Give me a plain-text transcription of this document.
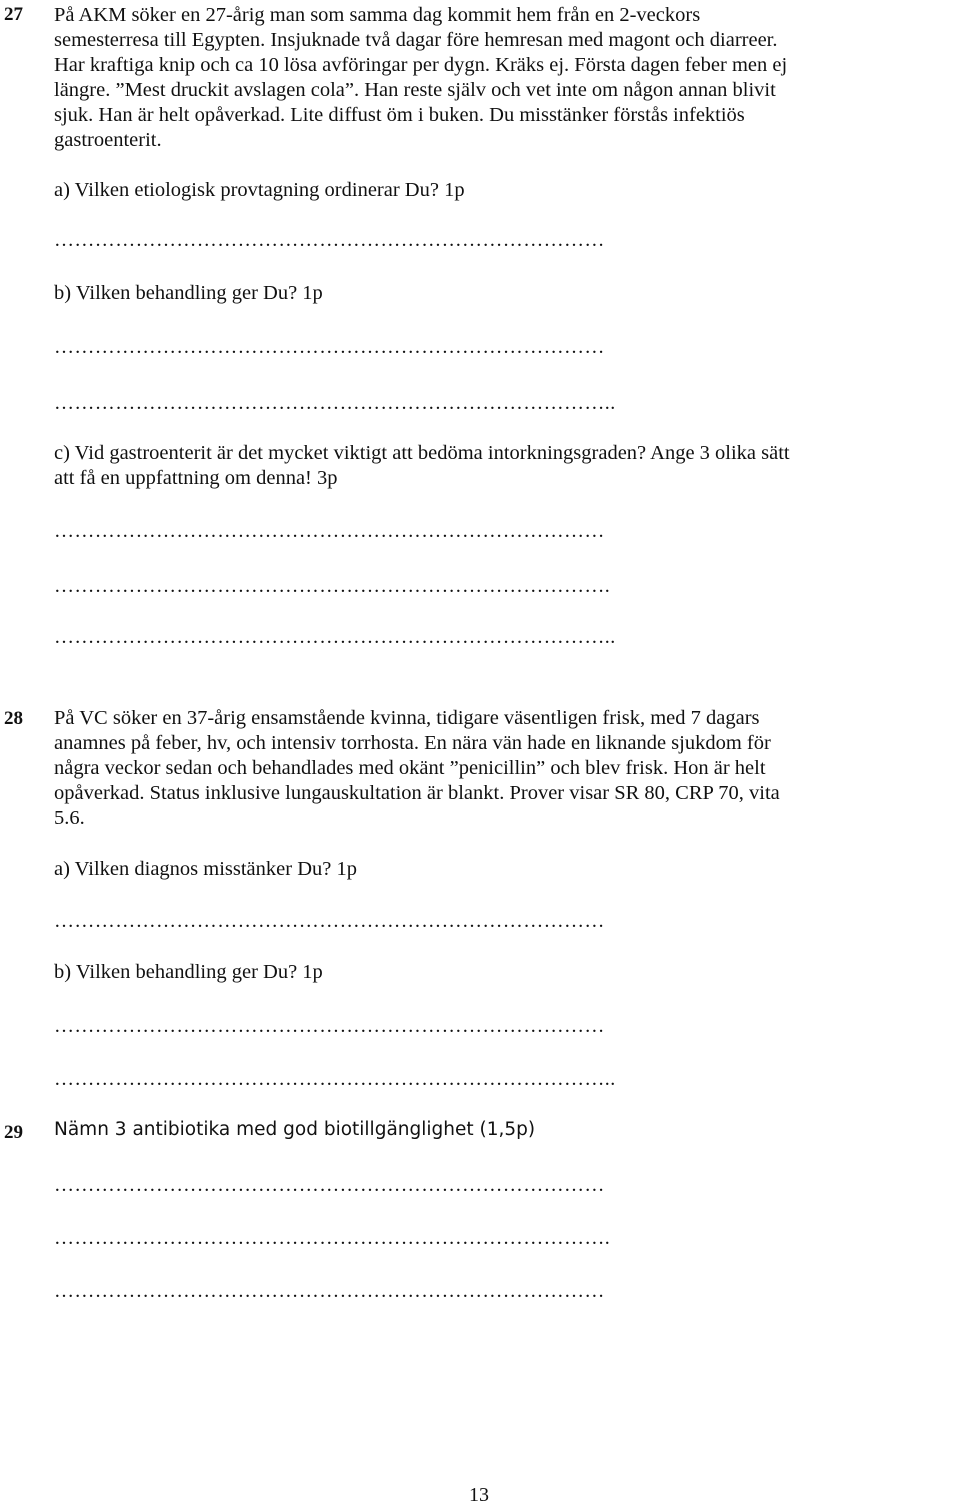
27 På AKM söker en 27-årig man som samma dag kommit hem från en 2-veckors
semesterresa till Egypten. Insjuknade två dagar före hemresan med magont och diarreer.
Har kraftiga knip och ca 10 lösa avföringar per dygn. Kräks ej. Första dagen feber men ej
längre. ”Mest druckit avslagen cola”. Han reste själv och vet inte om någon annan blivit
sjuk. Han är helt opåverkad. Lite diffust öm i buken. Du misstänker förstås infektiös
gastroenterit.
a) Vilken etiologisk provtagning ordinerar Du? 1p
………………………………………………………………………
b) Vilken behandling ger Du? 1p
………………………………………………………………………
………………………………………………………………………..
c) Vid gastroenterit är det mycket viktigt att bedöma intorkningsgraden? Ange 3 olika sätt
att få en uppfattning om denna! 3p
………………………………………………………………………
……………………………………………………………………….
………………………………………………………………………..
28 På VC söker en 37-årig ensamstående kvinna, tidigare väsentligen frisk, med 7 dagars
anamnes på feber, hv, och intensiv torrhosta. En nära vän hade en liknande sjukdom för
några veckor sedan och behandlades med okänt ”penicillin” och blev frisk. Hon är helt
opåverkad. Status inklusive lungauskultation är blankt. Prover visar SR 80, CRP 70, vita
5.6.
a) Vilken diagnos misstänker Du? 1p
………………………………………………………………………
b) Vilken behandling ger Du? 1p
………………………………………………………………………
………………………………………………………………………..
29 Nämn 3 antibiotika med god biotillgänglighet (1,5p)
………………………………………………………………………
……………………………………………………………………….
………………………………………………………………………
13
